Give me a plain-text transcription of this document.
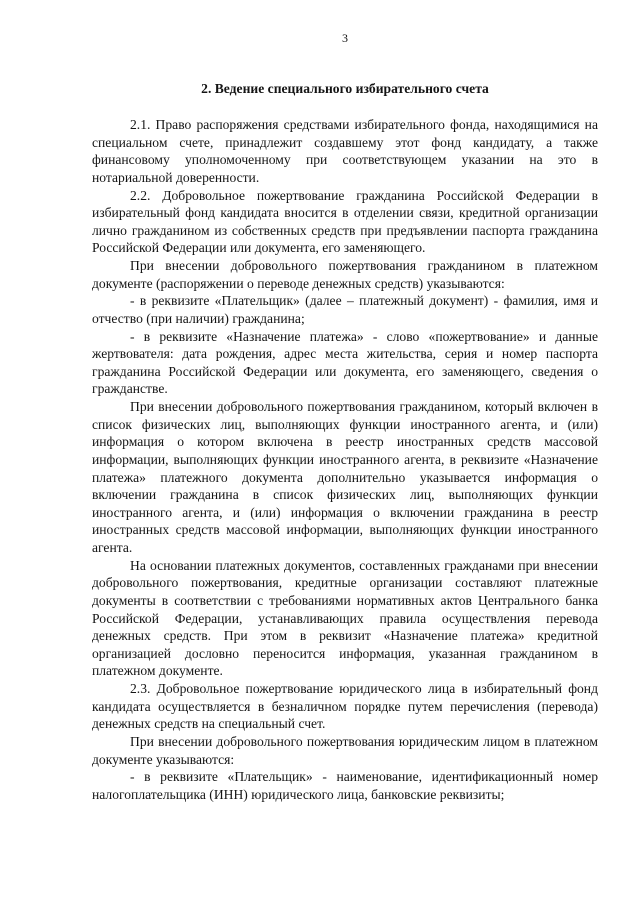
3
2. Ведение специального избирательного счета

2.1. Право распоряжения средствами избирательного фонда, находящимися на специальном счете, принадлежит создавшему этот фонд кандидату, а также финансовому уполномоченному при соответствующем указании на это в нотариальной доверенности.

2.2. Добровольное пожертвование гражданина Российской Федерации в избирательный фонд кандидата вносится в отделении связи, кредитной организации лично гражданином из собственных средств при предъявлении паспорта гражданина Российской Федерации или документа, его заменяющего.

При внесении добровольного пожертвования гражданином в платежном документе (распоряжении о переводе денежных средств) указываются:

- в реквизите «Плательщик» (далее – платежный документ) - фамилия, имя и отчество (при наличии) гражданина;

- в реквизите «Назначение платежа» - слово «пожертвование» и данные жертвователя: дата рождения, адрес места жительства, серия и номер паспорта гражданина Российской Федерации или документа, его заменяющего, сведения о гражданстве.

При внесении добровольного пожертвования гражданином, который включен в список физических лиц, выполняющих функции иностранного агента, и (или) информация о котором включена в реестр иностранных средств массовой информации, выполняющих функции иностранного агента, в реквизите «Назначение платежа» платежного документа дополнительно указывается информация о включении гражданина в список физических лиц, выполняющих функции иностранного агента, и (или) информация о включении гражданина в реестр иностранных средств массовой информации, выполняющих функции иностранного агента.

На основании платежных документов, составленных гражданами при внесении добровольного пожертвования, кредитные организации составляют платежные документы в соответствии с требованиями нормативных актов Центрального банка Российской Федерации, устанавливающих правила осуществления перевода денежных средств. При этом в реквизит «Назначение платежа» кредитной организацией дословно переносится информация, указанная гражданином в платежном документе.

2.3. Добровольное пожертвование юридического лица в избирательный фонд кандидата осуществляется в безналичном порядке путем перечисления (перевода) денежных средств на специальный счет.

При внесении добровольного пожертвования юридическим лицом в платежном документе указываются:

- в реквизите «Плательщик» - наименование, идентификационный номер налогоплательщика (ИНН) юридического лица, банковские реквизиты;
